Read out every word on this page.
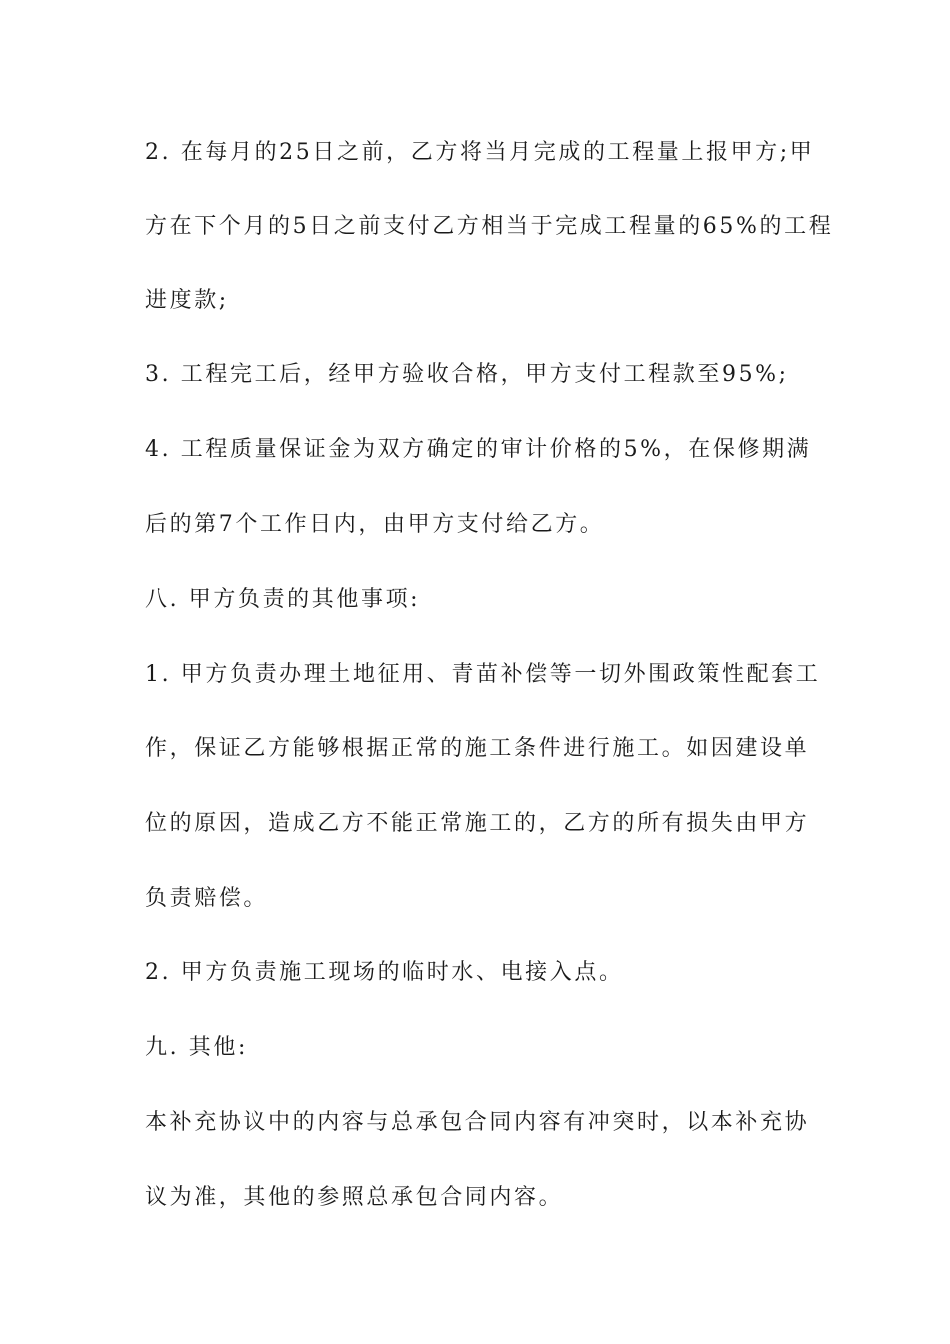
2. 在每月的25日之前，乙方将当月完成的工程量上报甲方;甲
方在下个月的5日之前支付乙方相当于完成工程量的65%的工程
进度款;
3. 工程完工后，经甲方验收合格，甲方支付工程款至95%;
4. 工程质量保证金为双方确定的审计价格的5%，在保修期满
后的第7个工作日内，由甲方支付给乙方。
八. 甲方负责的其他事项:
1. 甲方负责办理土地征用、青苗补偿等一切外围政策性配套工
作，保证乙方能够根据正常的施工条件进行施工。如因建设单
位的原因，造成乙方不能正常施工的，乙方的所有损失由甲方
负责赔偿。
2. 甲方负责施工现场的临时水、电接入点。
九. 其他:
本补充协议中的内容与总承包合同内容有冲突时，以本补充协
议为准，其他的参照总承包合同内容。
